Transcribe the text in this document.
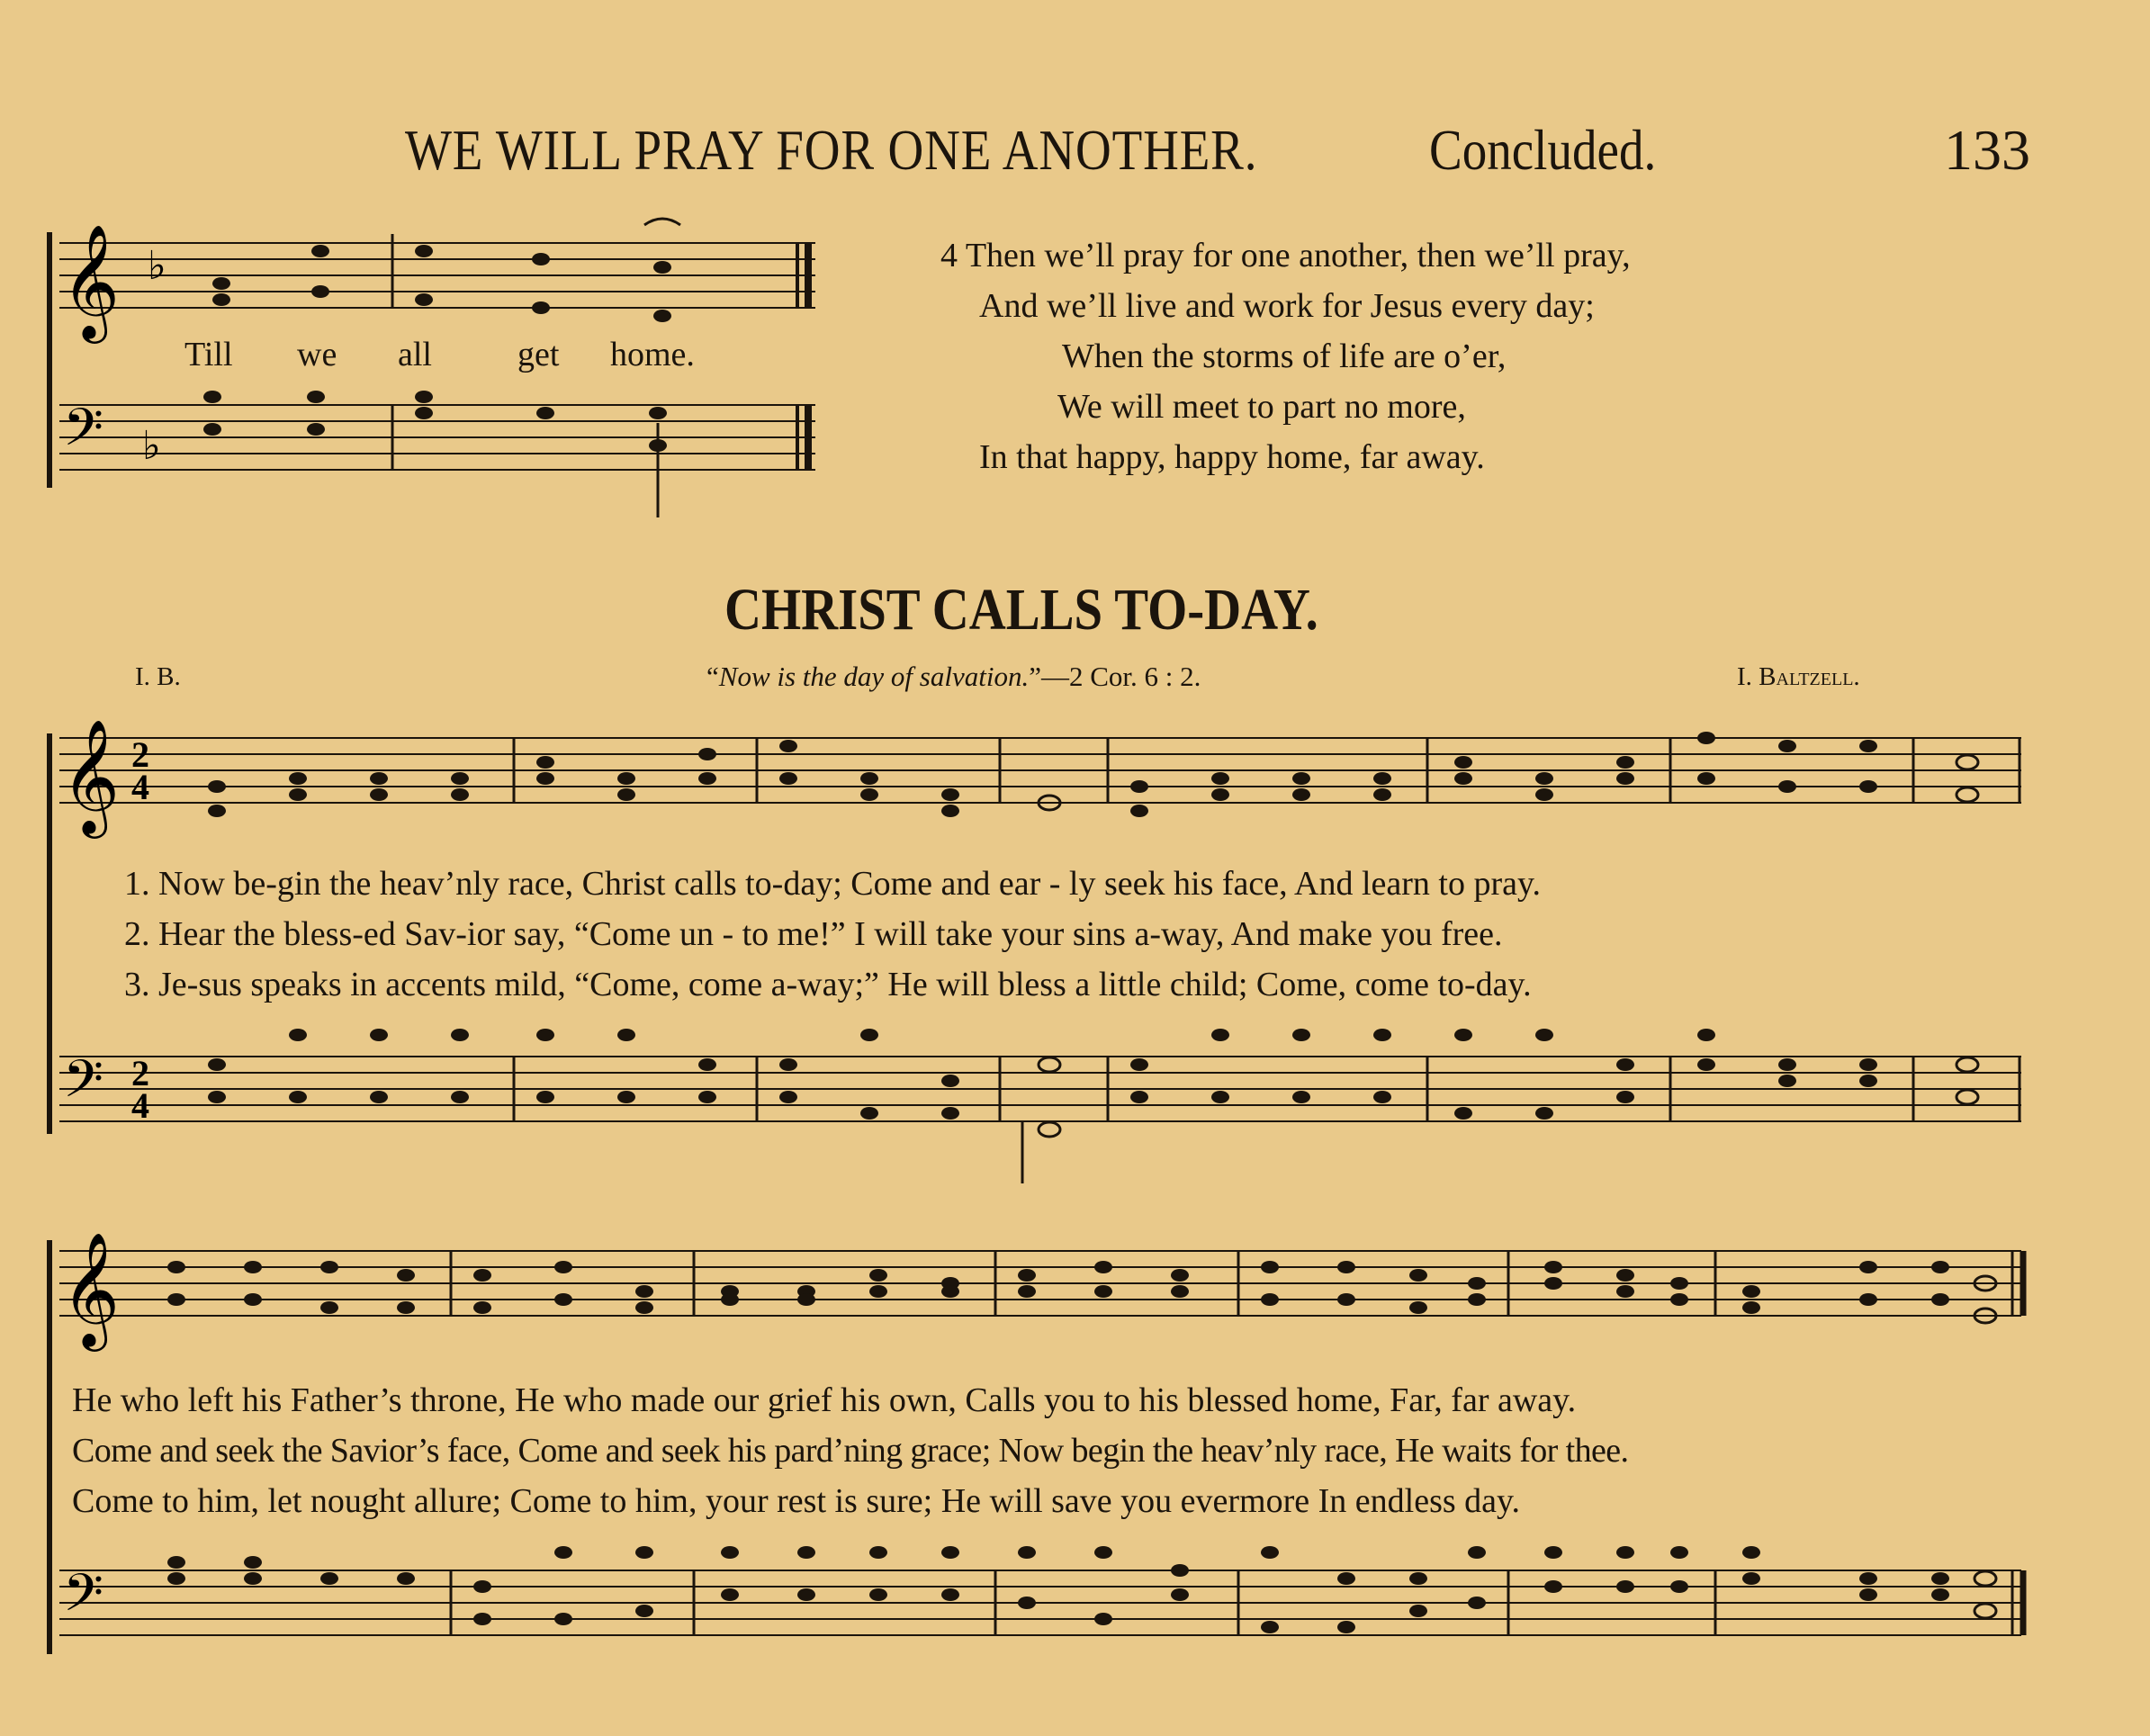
WE WILL PRAY FOR ONE ANOTHER.	Concluded.	133
𝄞 ♭
Till we all	get home.
𝄢 ♭
4 Then we’ll pray for one another, then we’ll pray,
And we’ll live and work for Jesus every day;
When the storms of life are o’er,
We will meet to part no more,
In that happy, happy home, far away.
CHRIST CALLS TO-DAY.
I. B.	“Now is the day of salvation.”—2 Cor. 6 : 2.	I. Baltzell.
𝄞 2
4
1. Now be-gin the heav’nly race, Christ calls to-day; Come and ear - ly seek his face, And learn to pray.
2. Hear the bless-ed Sav-ior say, “Come un - to me!” I will take your sins a-way, And make you free.
3. Je-sus speaks in accents mild, “Come, come a-way;” He will bless a little child; Come, come to-day.
𝄢 2
4
𝄞
He who left his Father’s throne, He who made our grief his own, Calls you to his blessed home, Far, far away.
Come and seek the Savior’s face, Come and seek his pard’ning grace; Now begin the heav’nly race, He waits for thee.
Come to him, let nought allure; Come to him, your rest is sure; He will save you evermore In endless day.
𝄢
